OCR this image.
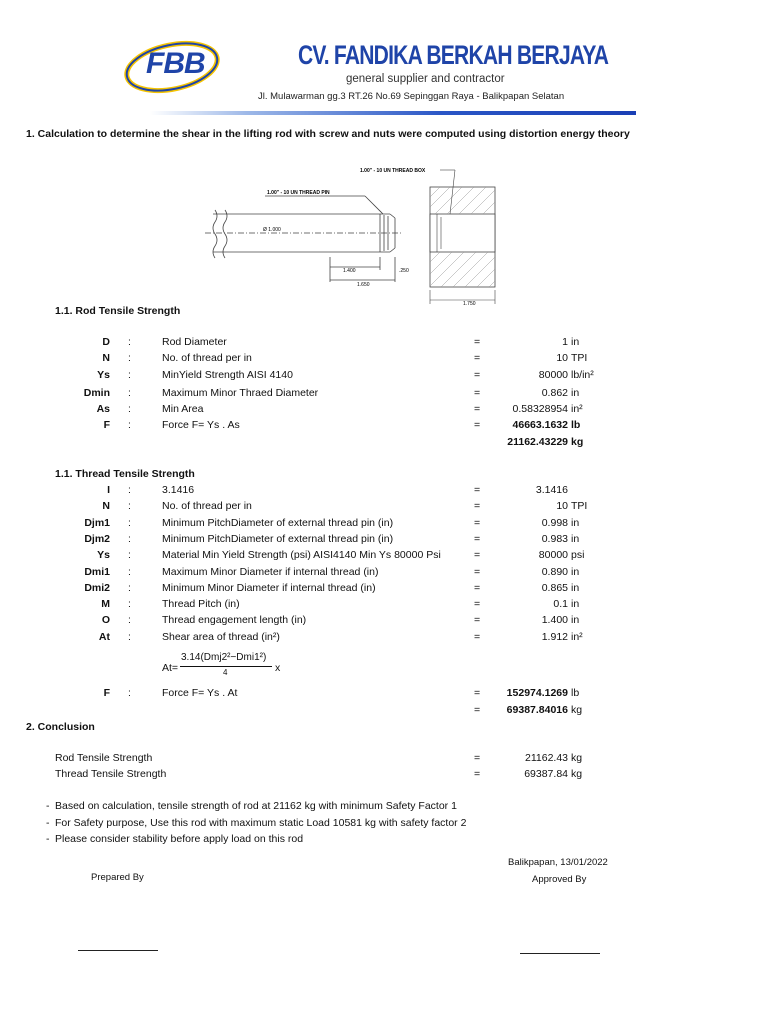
FBB	CV. FANDIKA BERKAH BERJAYA
general supplier and contractor
Jl. Mulawarman gg.3 RT.26 No.69 Sepinggan Raya - Balikpapan Selatan
1. Calculation to determine the shear in the lifting rod with screw and nuts were computed using distortion energy theory
1.00" - 10 UN THREAD PIN
1.00" - 10 UN THREAD BOX
Ø 1.000
1.400	.250
1.650
1.750
1.1. Rod Tensile Strength
D :	Rod Diameter	=	1 in
N :	No. of thread per in	=	10 TPI
Ys :	MinYield Strength AISI 4140	=	80000 lb/in²
Dmin :	Maximum Minor Thraed Diameter	=	0.862 in
As :	Min Area	=	0.58328954 in²
F :	Force F= Ys . As	=	46663.1632 lb
21162.43229 kg
1.1. Thread Tensile Strength
I :	3.1416	=	3.1416
N :	No. of thread per in	=	10 TPI
Djm1 :	Minimum PitchDiameter of external thread pin (in)	=	0.998 in
Djm2 :	Minimum PitchDiameter of external thread pin (in)	=	0.983 in
Ys :	Material Min Yield Strength (psi) AISI4140 Min Ys 80000 Psi	=	80000 psi
Dmi1 :	Maximum Minor Diameter if internal thread (in)	=	0.890 in
Dmi2 :	Minimum Minor Diameter if internal thread (in)	=	0.865 in
M :	Thread Pitch (in)	=	0.1 in
O :	Thread engagement length (in)	=	1.400 in
At :	Shear area of thread (in²)	=	1.912 in²
At=
3.14(Dmj2²−Dmi1²)
4	x
F :	Force F= Ys . At	=	152974.1269 lb
=	69387.84016 kg
2. Conclusion
Rod Tensile Strength	=	21162.43 kg
Thread Tensile Strength	=	69387.84 kg
- Based on calculation, tensile strength of rod at 21162 kg with minimum Safety Factor 1
- For Safety purpose, Use this rod with maximum static Load 10581 kg with safety factor 2
- Please consider stability before apply load on this rod
Balikpapan, 13/01/2022
Prepared By	Approved By
